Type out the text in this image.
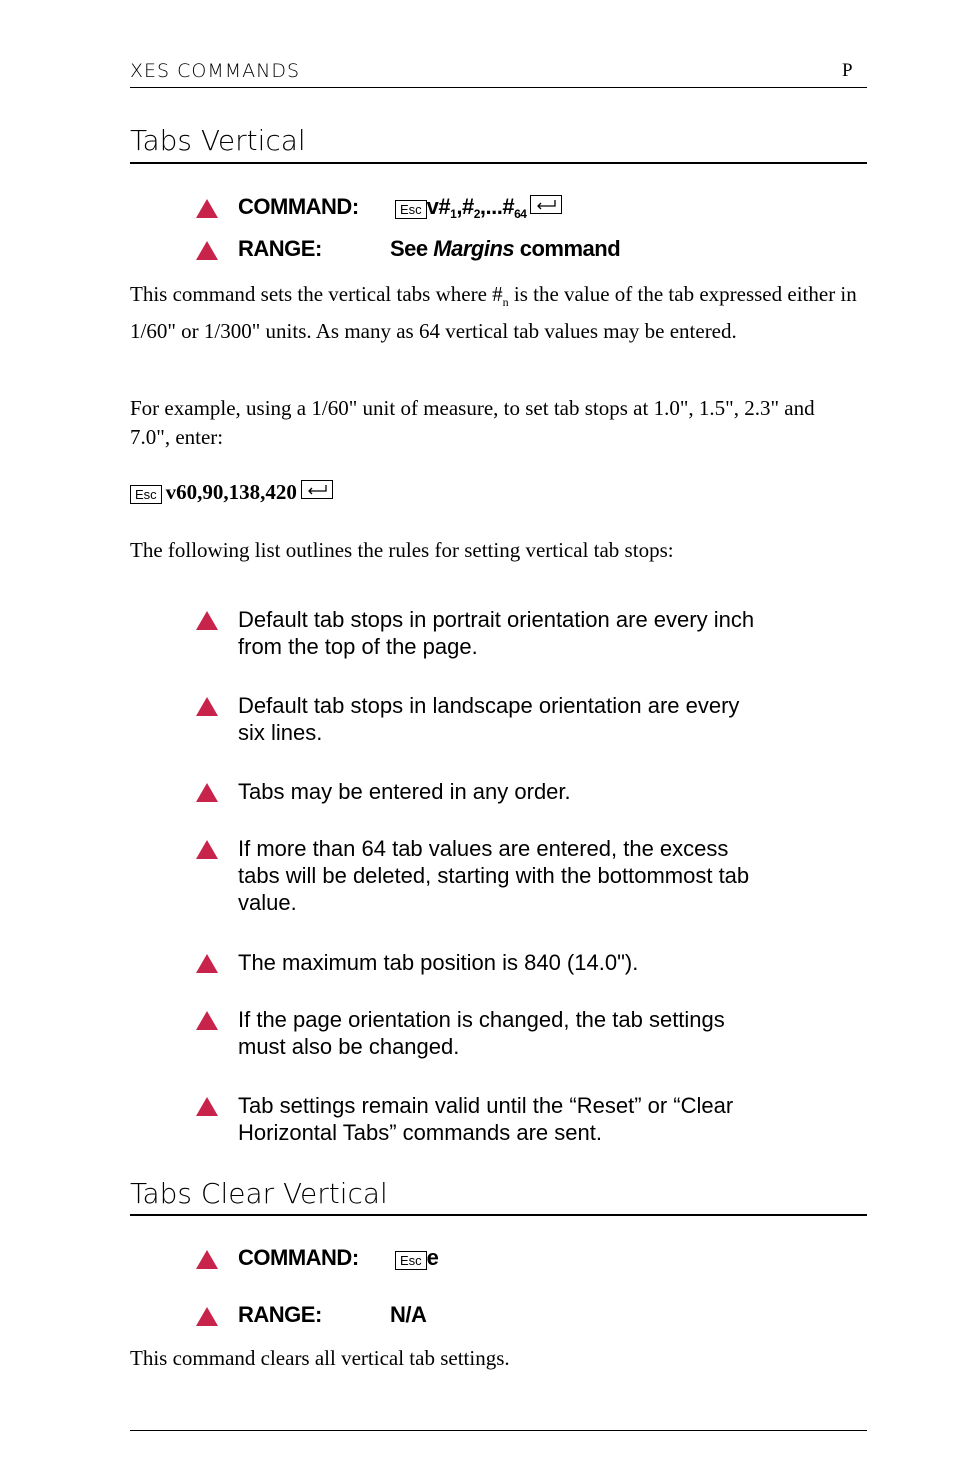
XES COMMANDS	P
Tabs Vertical
COMMAND:	Esc $v\#_1,\#_2,...\#_{64}$
RANGE:	See Margins command
This command sets the vertical tabs where $\#_n$ is the value of the tab expressed either in 1/60" or 1/300" units. As many as 64 vertical tab values may be entered.
For example, using a 1/60" unit of measure, to set tab stops at 1.0", 1.5", 2.3" and 7.0", enter:
Esc v60,90,138,420
The following list outlines the rules for setting vertical tab stops:
Default tab stops in portrait orientation are every inch
from the top of the page.
Default tab stops in landscape orientation are every
six lines.
Tabs may be entered in any order.
If more than 64 tab values are entered, the excess
tabs will be deleted, starting with the bottommost tab
value.
The maximum tab position is 840 (14.0").
If the page orientation is changed, the tab settings
must also be changed.
Tab settings remain valid until the “Reset” or “Clear
Horizontal Tabs” commands are sent.
Tabs Clear Vertical
COMMAND:	Esc e
RANGE:	N/A
This command clears all vertical tab settings.
